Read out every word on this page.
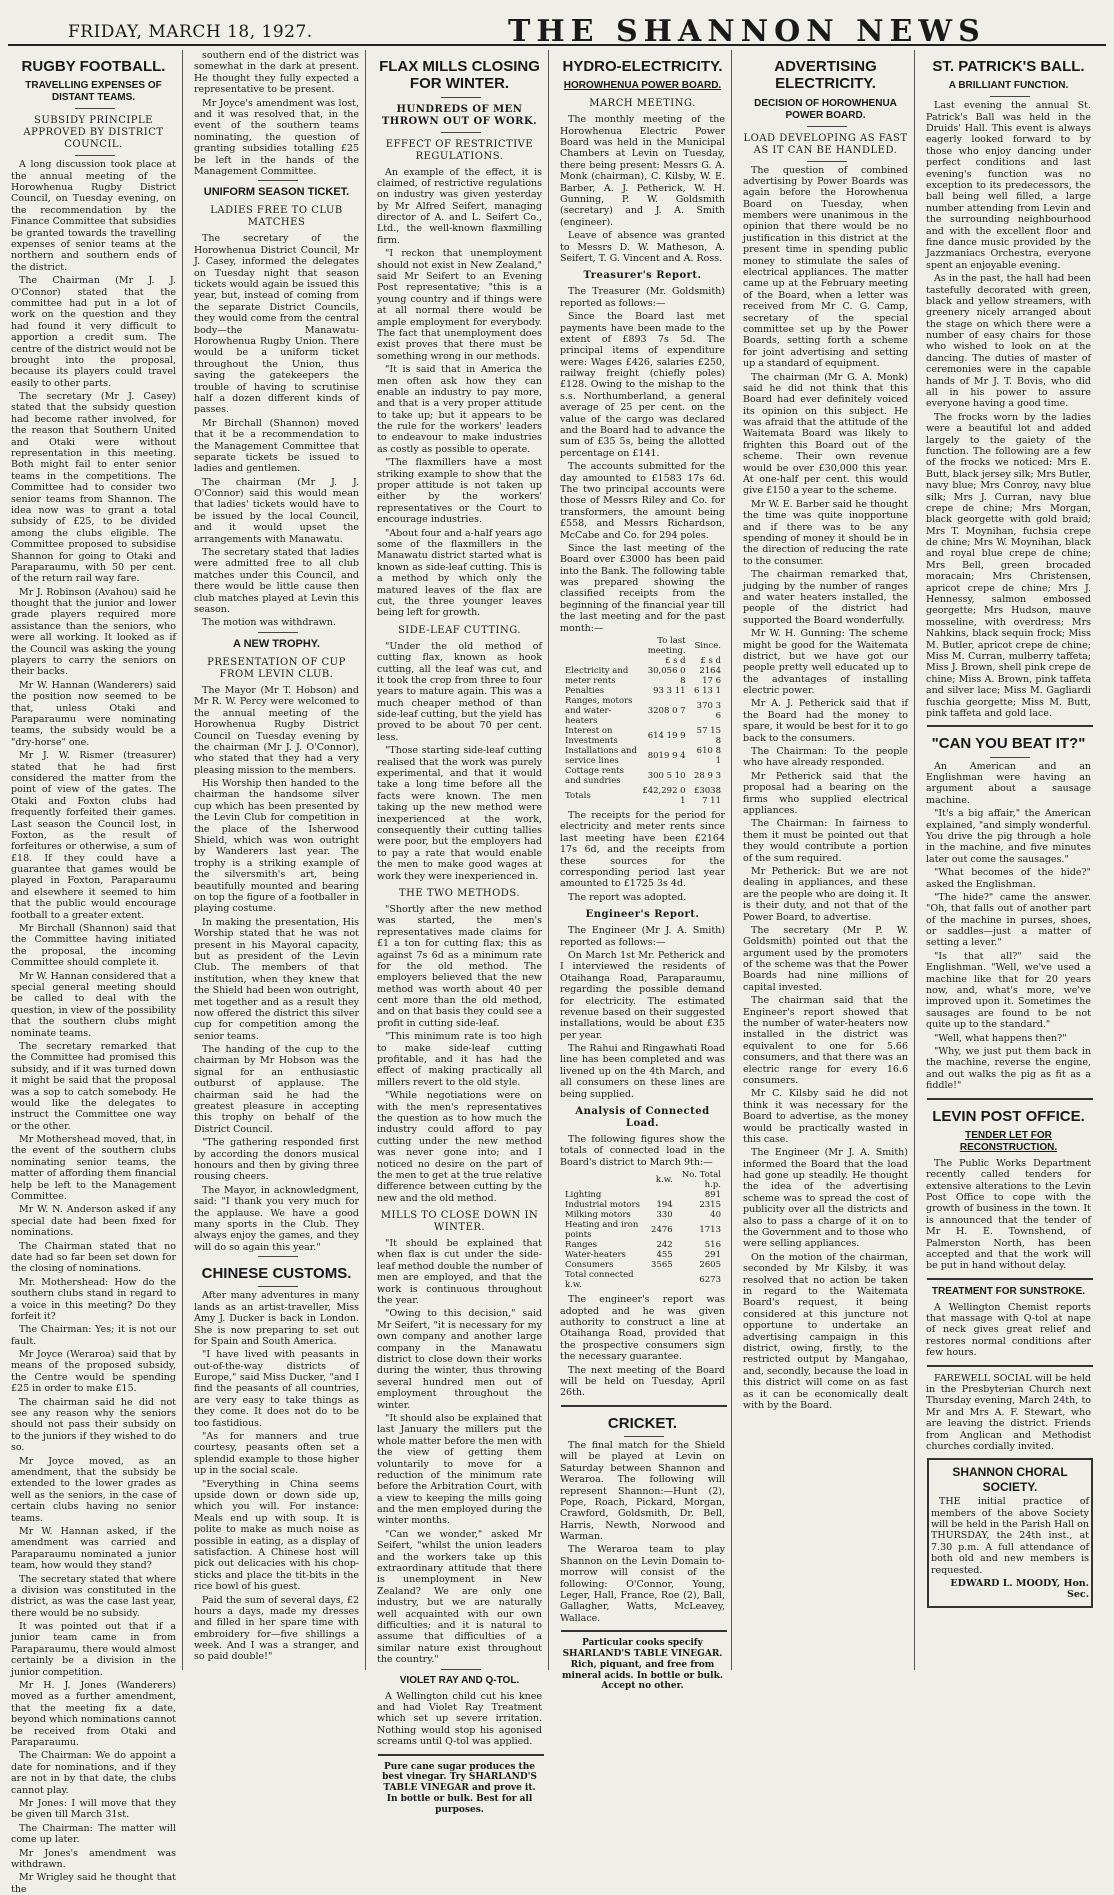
FRIDAY, MARCH 18, 1927.	THE SHANNON NEWS
RUGBY FOOTBALL.
TRAVELLING EXPENSES OF DISTANT TEAMS.
SUBSIDY PRINCIPLE APPROVED BY DISTRICT COUNCIL.

A long discussion took place at the annual meeting of the Horowhenua Rugby District Council, on Tuesday evening, on the recommendation by the Finance Committee that subsidies be granted towards the travelling expenses of senior teams at the northern and southern ends of the district.

The Chairman (Mr J. J. O'Connor) stated that the committee had put in a lot of work on the question and they had found it very difficult to apportion a credit sum. The centre of the district would not be brought into the proposal, because its players could travel easily to other parts.

The secretary (Mr J. Casey) stated that the subsidy question had become rather involved, for the reason that Southern United and Otaki were without representation in this meeting. Both might fail to enter senior teams in the competitions. The Committee had to consider two senior teams from Shannon. The idea now was to grant a total subsidy of £25, to be divided among the clubs eligible. The Committee proposed to subsidise Shannon for going to Otaki and Paraparaumu, with 50 per cent. of the return rail way fare.

Mr J. Robinson (Avahou) said he thought that the junior and lower grade players required more assistance than the seniors, who were all working. It looked as if the Council was asking the young players to carry the seniors on their backs.

Mr W. Hannan (Wanderers) said the position now seemed to be that, unless Otaki and Paraparaumu were nominating teams, the subsidy would be a "dry-horse" one.

Mr J. W. Rismer (treasurer) stated that he had first considered the matter from the point of view of the gates. The Otaki and Foxton clubs had frequently forfeited their games. Last season the Council lost, in Foxton, as the result of forfeitures or otherwise, a sum of £18. If they could have a guarantee that games would be played in Foxton, Paraparaumu and elsewhere it seemed to him that the public would encourage football to a greater extent.

Mr Birchall (Shannon) said that the Committee having initiated the proposal, the incoming Committee should complete it.

Mr W. Hannan considered that a special general meeting should be called to deal with the question, in view of the possibility that the southern clubs might nominate teams.

The secretary remarked that the Committee had promised this subsidy, and if it was turned down it might be said that the proposal was a sop to catch somebody. He would like the delegates to instruct the Committee one way or the other.

Mr Mothershead moved, that, in the event of the southern clubs nominating senior teams, the matter of affording them financial help be left to the Management Committee.

Mr W. N. Anderson asked if any special date had been fixed for nominations.

The Chairman stated that no date had so far been set down for the closing of nominations.

Mr. Mothershead: How do the southern clubs stand in regard to a voice in this meeting? Do they forfeit it?

The Chairman: Yes; it is not our fault.

Mr Joyce (Weraroa) said that by means of the proposed subsidy, the Centre would be spending £25 in order to make £15.

The chairman said he did not see any reason why the seniors should not pass their subsidy on to the juniors if they wished to do so.

Mr Joyce moved, as an amendment, that the subsidy be extended to the lower grades as well as the seniors, in the case of certain clubs having no senior teams.

Mr W. Hannan asked, if the amendment was carried and Paraparaumu nominated a junior team, how would they stand?

The secretary stated that where a division was constituted in the district, as was the case last year, there would be no subsidy.

It was pointed out that if a junior team came in from Paraparaumu, there would almost certainly be a division in the junior competition.

Mr H. J. Jones (Wanderers) moved as a further amendment, that the meeting fix a date, beyond which nominations cannot be received from Otaki and Paraparaumu.

The Chairman: We do appoint a date for nominations, and if they are not in by that date, the clubs cannot play.

Mr Jones: I will move that they be given till March 31st.

The Chairman: The matter will come up later.

Mr Jones's amendment was withdrawn.

Mr Wrigley said he thought that the

southern end of the district was somewhat in the dark at present. He thought they fully expected a representative to be present.

Mr Joyce's amendment was lost, and it was resolved that, in the event of the southern teams nominating, the question of granting subsidies totalling £25 be left in the hands of the Management Committee.

UNIFORM SEASON TICKET.
LADIES FREE TO CLUB MATCHES

The secretary of the Horowhenua District Council, Mr J. Casey, informed the delegates on Tuesday night that season tickets would again be issued this year, but, instead of coming from the separate District Councils, they would come from the central body—the Manawatu-Horowhenua Rugby Union. There would be a uniform ticket throughout the Union, thus saving the gatekeepers the trouble of having to scrutinise half a dozen different kinds of passes.

Mr Birchall (Shannon) moved that it be a recommendation to the Management Committee that separate tickets be issued to ladies and gentlemen.

The chairman (Mr J. J. O'Connor) said this would mean that ladies' tickets would have to be issued by the local Council, and it would upset the arrangements with Manawatu.

The secretary stated that ladies were admitted free to all club matches under this Council, and there would be little cause then club matches played at Levin this season.

The motion was withdrawn.

A NEW TROPHY.
PRESENTATION OF CUP FROM LEVIN CLUB.

The Mayor (Mr T. Hobson) and Mr R. W. Percy were welcomed to the annual meeting of the Horowhenua Rugby District Council on Tuesday evening by the chairman (Mr J. J. O'Connor), who stated that they had a very pleasing mission to the members.

His Worship then handed to the chairman the handsome silver cup which has been presented by the Levin Club for competition in the place of the Isherwood Shield, which was won outright by Wanderers last year. The trophy is a striking example of the silversmith's art, being beautifully mounted and bearing on top the figure of a footballer in playing costume.

In making the presentation, His Worship stated that he was not present in his Mayoral capacity, but as president of the Levin Club. The members of that institution, when they knew that the Shield had been won outright, met together and as a result they now offered the district this silver cup for competition among the senior teams.

The handing of the cup to the chairman by Mr Hobson was the signal for an enthusiastic outburst of applause. The chairman said he had the greatest pleasure in accepting this trophy on behalf of the District Council.

"The gathering responded first by according the donors musical honours and then by giving three rousing cheers.

The Mayor, in acknowledgment, said: "I thank you very much for the applause. We have a good many sports in the Club. They always enjoy the games, and they will do so again this year."

CHINESE CUSTOMS.

After many adventures in many lands as an artist-traveller, Miss Amy J. Ducker is back in London. She is now preparing to set out for Spain and South America.

"I have lived with peasants in out-of-the-way districts of Europe," said Miss Ducker, "and I find the peasants of all countries, are very easy to take things as they come. It does not do to be too fastidious.

"As for manners and true courtesy, peasants often set a splendid example to those higher up in the social scale.

"Everything in China seems upside down or down side up, which you will. For instance: Meals end up with soup. It is polite to make as much noise as possible in eating, as a display of satisfaction. A Chinese host will pick out delicacies with his chop-sticks and place the tit-bits in the rice bowl of his guest.

Paid the sum of several days, £2 hours a days, made my dresses and filled in her spare time with embroidery for—five shillings a week. And I was a stranger, and so paid double!"

FLAX MILLS CLOSING FOR WINTER.
HUNDREDS OF MEN THROWN OUT OF WORK.
EFFECT OF RESTRICTIVE REGULATIONS.

An example of the effect, it is claimed, of restrictive regulations on industry was given yesterday by Mr Alfred Seifert, managing director of A. and L. Seifert Co., Ltd., the well-known flaxmilling firm.

"I reckon that unemployment should not exist in New Zealand," said Mr Seifert to an Evening Post representative; "this is a young country and if things were at all normal there would be ample employment for everybody. The fact that unemployment does exist proves that there must be something wrong in our methods.

"It is said that in America the men often ask how they can enable an industry to pay more, and that is a very proper attitude to take up; but it appears to be the rule for the workers' leaders to endeavour to make industries as costly as possible to operate.

"The flaxmillers have a most striking example to show that the proper attitude is not taken up either by the workers' representatives or the Court to encourage industries.

"About four and a-half years ago some of the flaxmillers in the Manawatu district started what is known as side-leaf cutting. This is a method by which only the matured leaves of the flax are cut, the three younger leaves being left for growth.

SIDE-LEAF CUTTING.

"Under the old method of cutting flax, known as hook cutting, all the leaf was cut, and it took the crop from three to four years to mature again. This was a much cheaper method of than side-leaf cutting, but the yield has proved to be about 70 per cent. less.

"Those starting side-leaf cutting realised that the work was purely experimental, and that it would take a long time before all the facts were known. The men taking up the new method were inexperienced at the work, consequently their cutting tallies were poor, but the employers had to pay a rate that would enable the men to make good wages at work they were inexperienced in.

THE TWO METHODS.

"Shortly after the new method was started, the men's representatives made claims for £1 a ton for cutting flax; this as against 7s 6d as a minimum rate for the old method. The employers believed that the new method was worth about 40 per cent more than the old method, and on that basis they could see a profit in cutting side-leaf.

"This minimum rate is too high to make side-leaf cutting profitable, and it has had the effect of making practically all millers revert to the old style.

"While negotiations were on with the men's representatives the question as to how much the industry could afford to pay cutting under the new method was never gone into; and I noticed no desire on the part of the men to get at the true relative difference between cutting by the new and the old method.

MILLS TO CLOSE DOWN IN WINTER.

"It should be explained that when flax is cut under the side-leaf method double the number of men are employed, and that the work is continuous throughout the year.

"Owing to this decision," said Mr Seifert, "it is necessary for my own company and another large company in the Manawatu district to close down their works during the winter, thus throwing several hundred men out of employment throughout the winter.

"It should also be explained that last January the millers put the whole matter before the men with the view of getting them voluntarily to move for a reduction of the minimum rate before the Arbitration Court, with a view to keeping the mills going and the men employed during the winter months.

"Can we wonder," asked Mr Seifert, "whilst the union leaders and the workers take up this extraordinary attitude that there is unemployment in New Zealand? We are only one industry, but we are naturally well acquainted with our own difficulties; and it is natural to assume that difficulties of a similar nature exist throughout the country."

VIOLET RAY AND Q-TOL.

A Wellington child cut his knee and had Violet Ray Treatment which set up severe irritation. Nothing would stop his agonised screams until Q-tol was applied.

Pure cane sugar produces the best vinegar. Try SHARLAND'S TABLE VINEGAR and prove it. In bottle or bulk. Best for all purposes.
HYDRO-ELECTRICITY.
HOROWHENUA POWER BOARD.
MARCH MEETING.

The monthly meeting of the Horowhenua Electric Power Board was held in the Municipal Chambers at Levin on Tuesday, there being present: Messrs G. A. Monk (chairman), C. Kilsby, W. E. Barber, A. J. Petherick, W. H. Gunning, P. W. Goldsmith (secretary) and J. A. Smith (engineer).

Leave of absence was granted to Messrs D. W. Matheson, A. Seifert, T. G. Vincent and A. Ross.

Treasurer's Report.

The Treasurer (Mr. Goldsmith) reported as follows:—

Since the Board last met payments have been made to the extent of £893 7s 5d. The principal items of expenditure were: Wages £426, salaries £250, railway freight (chiefly poles) £128. Owing to the mishap to the s.s. Northumberland, a general average of 25 per cent. on the value of the cargo was declared and the Board had to advance the sum of £35 5s, being the allotted percentage on £141.

The accounts submitted for the day amounted to £1583 17s 6d. The two principal accounts were those of Messrs Riley and Co. for transformers, the amount being £558, and Messrs Richardson, McCabe and Co. for 294 poles.

Since the last meeting of the Board over £3000 has been paid into the Bank. The following table was prepared showing the classified receipts from the beginning of the financial year till the last meeting and for the past month:—

	To last meeting.	Since.
	£ s d	£ s d
Electricity and meter rents	30,056 0 8	2164 17 6
Penalties	93 3 11	6 13 1
Ranges, motors and water-heaters	3208 0 7	370 3 6
Interest on Investments	614 19 9	57 15 8
Installations and service lines	8019 9 4	610 8 1
Cottage rents and sundries	300 5 10	28 9 3
Totals	£42,292 0 1	£3038 7 11

The receipts for the period for electricity and meter rents since last meeting have been £2164 17s 6d, and the receipts from these sources for the corresponding period last year amounted to £1725 3s 4d.

The report was adopted.

Engineer's Report.

The Engineer (Mr J. A. Smith) reported as follows:—

On March 1st Mr. Petherick and I interviewed the residents of Otaihanga Road, Paraparaumu, regarding the possible demand for electricity. The estimated revenue based on their suggested installations, would be about £35 per year.

The Rahui and Ringawhati Road line has been completed and was livened up on the 4th March, and all consumers on these lines are being supplied.

Analysis of Connected Load.

The following figures show the totals of connected load in the Board's district to March 9th:—

	k.w.	No. Total h.p.
Lighting		891
Industrial motors	194	2315
Milking motors	330	40
Heating and iron points	2476	1713
Ranges	242	516
Water-heaters	455	291
Consumers	3565	2605
Total connected k.w.		6273

The engineer's report was adopted and he was given authority to construct a line at Otaihanga Road, provided that the prospective consumers sign the necessary guarantee.

The next meeting of the Board will be held on Tuesday, April 26th.

CRICKET.

The final match for the Shield will be played at Levin on Saturday between Shannon and Weraroa. The following will represent Shannon:—Hunt (2), Pope, Roach, Pickard, Morgan, Crawford, Goldsmith, Dr. Bell, Harris, Newth, Norwood and Warman.

The Weraroa team to play Shannon on the Levin Domain to-morrow will consist of the following: O'Connor, Young, Leger, Hall, France, Roe (2), Ball, Gallagher, Watts, McLeavey, Wallace.

Particular cooks specify SHARLAND'S TABLE VINEGAR. Rich, piquant, and free from mineral acids. In bottle or bulk. Accept no other.
ADVERTISING ELECTRICITY.
DECISION OF HOROWHENUA POWER BOARD.
LOAD DEVELOPING AS FAST AS IT CAN BE HANDLED.

The question of combined advertising by Power Boards was again before the Horowhenua Board on Tuesday, when members were unanimous in the opinion that there would be no justification in this district at the present time in spending public money to stimulate the sales of electrical appliances. The matter came up at the February meeting of the Board, when a letter was received from Mr C. G. Camp, secretary of the special committee set up by the Power Boards, setting forth a scheme for joint advertising and setting up a standard of equipment.

The chairman (Mr G. A. Monk) said he did not think that this Board had ever definitely voiced its opinion on this subject. He was afraid that the attitude of the Waitemata Board was likely to frighten this Board out of the scheme. Their own revenue would be over £30,000 this year. At one-half per cent. this would give £150 a year to the scheme.

Mr W. E. Barber said he thought the time was quite inopportune and if there was to be any spending of money it should be in the direction of reducing the rate to the consumer.

The chairman remarked that, judging by the number of ranges and water heaters installed, the people of the district had supported the Board wonderfully.

Mr W. H. Gunning: The scheme might be good for the Waitemata district, but we have got our people pretty well educated up to the advantages of installing electric power.

Mr A. J. Petherick said that if the Board had the money to spare, it would be best for it to go back to the consumers.

The Chairman: To the people who have already responded.

Mr Petherick said that the proposal had a bearing on the firms who supplied electrical appliances.

The Chairman: In fairness to them it must be pointed out that they would contribute a portion of the sum required.

Mr Petherick: But we are not dealing in appliances, and these are the people who are doing it. It is their duty, and not that of the Power Board, to advertise.

The secretary (Mr P. W. Goldsmith) pointed out that the argument used by the promoters of the scheme was that the Power Boards had nine millions of capital invested.

The chairman said that the Engineer's report showed that the number of water-heaters now installed in the district was equivalent to one for 5.66 consumers, and that there was an electric range for every 16.6 consumers.

Mr C. Kilsby said he did not think it was necessary for the Board to advertise, as the money would be practically wasted in this case.

The Engineer (Mr J. A. Smith) informed the Board that the load had gone up steadily. He thought the idea of the advertising scheme was to spread the cost of publicity over all the districts and also to pass a charge of it on to the Government and to those who were selling appliances.

On the motion of the chairman, seconded by Mr Kilsby, it was resolved that no action be taken in regard to the Waitemata Board's request, it being considered at this juncture not opportune to undertake an advertising campaign in this district, owing, firstly, to the restricted output by Mangahao, and, secondly, because the load in this district will come on as fast as it can be economically dealt with by the Board.

ST. PATRICK'S BALL.
A BRILLIANT FUNCTION.

Last evening the annual St. Patrick's Ball was held in the Druids' Hall. This event is always eagerly looked forward to by those who enjoy dancing under perfect conditions and last evening's function was no exception to its predecessors, the ball being well filled, a large number attending from Levin and the surrounding neighbourhood and with the excellent floor and fine dance music provided by the Jazzmaniacs Orchestra, everyone spent an enjoyable evening.

As in the past, the hall had been tastefully decorated with green, black and yellow streamers, with greenery nicely arranged about the stage on which there were a number of easy chairs for those who wished to look on at the dancing. The duties of master of ceremonies were in the capable hands of Mr J. T. Bovis, who did all in his power to assure everyone having a good time.

The frocks worn by the ladies were a beautiful lot and added largely to the gaiety of the function. The following are a few of the frocks we noticed: Mrs E. Butt, black jersey silk; Mrs Butler, navy blue; Mrs Conroy, navy blue silk; Mrs J. Curran, navy blue crepe de chine; Mrs Morgan, black georgette with gold braid; Mrs T. Moynihan, fuchsia crepe de chine; Mrs W. Moynihan, black and royal blue crepe de chine; Mrs Bell, green brocaded moracain; Mrs Christensen, apricot crepe de chine; Mrs J. Hennessy, salmon embossed georgette; Mrs Hudson, mauve mosseline, with overdress; Mrs Nahkins, black sequin frock; Miss M. Butler, apricot crepe de chine; Miss M. Curran, mulberry taffeta; Miss J. Brown, shell pink crepe de chine; Miss A. Brown, pink taffeta and silver lace; Miss M. Gagliardi fuschia georgette; Miss M. Butt, pink taffeta and gold lace.

"CAN YOU BEAT IT?"

An American and an Englishman were having an argument about a sausage machine.

"It's a big affair," the American explained, "and simply wonderful. You drive the pig through a hole in the machine, and five minutes later out come the sausages."

"What becomes of the hide?" asked the Englishman.

"The hide?" came the answer. "Oh, that falls out of another part of the machine in purses, shoes, or saddles—just a matter of setting a lever."

"Is that all?" said the Englishman. "Well, we've used a machine like that for 20 years now, and, what's more, we've improved upon it. Sometimes the sausages are found to be not quite up to the standard."

"Well, what happens then?"

"Why, we just put them back in the machine, reverse the engine, and out walks the pig as fit as a fiddle!"

LEVIN POST OFFICE.
TENDER LET FOR RECONSTRUCTION.

The Public Works Department recently called tenders for extensive alterations to the Levin Post Office to cope with the growth of business in the town. It is announced that the tender of Mr H. E. Townshend, of Palmerston North, has been accepted and that the work will be put in hand without delay.

TREATMENT FOR SUNSTROKE.

A Wellington Chemist reports that massage with Q-tol at nape of neck gives great relief and restores normal conditions after few hours.

FAREWELL SOCIAL will be held in the Presbyterian Church next Thursday evening, March 24th, to Mr and Mrs A. F. Stewart, who are leaving the district. Friends from Anglican and Methodist churches cordially invited.

SHANNON CHORAL SOCIETY.

THE initial practice of members of the above Society will be held in the Parish Hall on THURSDAY, the 24th inst., at 7.30 p.m. A full attendance of both old and new members is requested.

EDWARD L. MOODY, Hon. Sec.
